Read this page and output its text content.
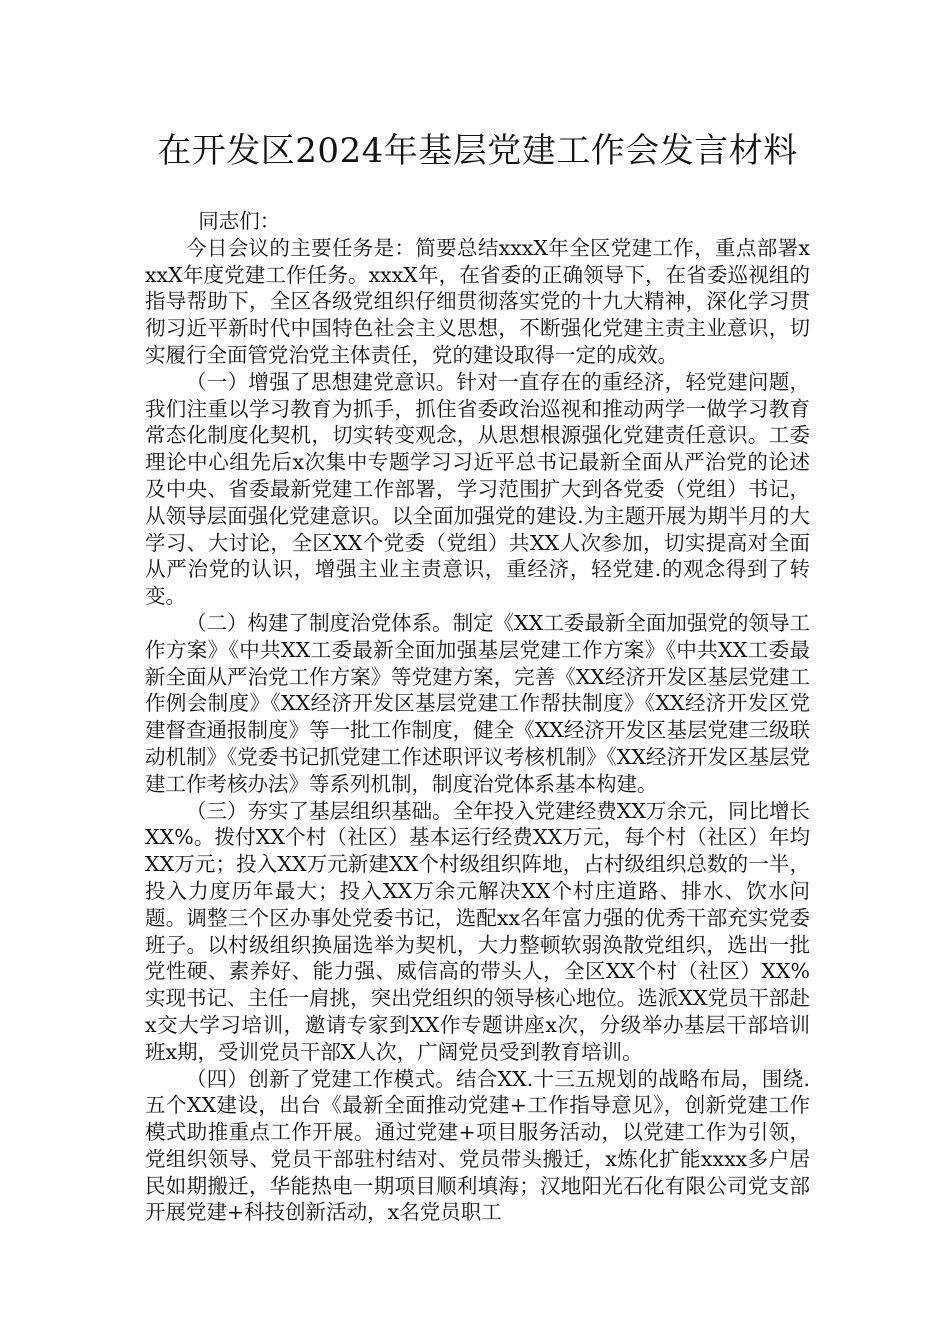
在开发区2024年基层党建工作会发言材料

同志们：

今日会议的主要任务是：简要总结xxxX年全区党建工作，重点部署xxxX年度党建工作任务。xxxX年，在省委的正确领导下，在省委巡视组的指导帮助下，全区各级党组织仔细贯彻落实党的十九大精神，深化学习贯彻习近平新时代中国特色社会主义思想，不断强化党建主责主业意识，切实履行全面管党治党主体责任，党的建设取得一定的成效。

（一）增强了思想建党意识。针对一直存在的重经济，轻党建问题，我们注重以学习教育为抓手，抓住省委政治巡视和推动两学一做学习教育常态化制度化契机，切实转变观念，从思想根源强化党建责任意识。工委理论中心组先后x次集中专题学习习近平总书记最新全面从严治党的论述及中央、省委最新党建工作部署，学习范围扩大到各党委（党组）书记，从领导层面强化党建意识。以全面加强党的建设.为主题开展为期半月的大学习、大讨论，全区XX个党委（党组）共XX人次参加，切实提高对全面从严治党的认识，增强主业主责意识，重经济，轻党建.的观念得到了转变。

（二）构建了制度治党体系。制定《XX工委最新全面加强党的领导工作方案》《中共XX工委最新全面加强基层党建工作方案》《中共XX工委最新全面从严治党工作方案》等党建方案，完善《XX经济开发区基层党建工作例会制度》《XX经济开发区基层党建工作帮扶制度》《XX经济开发区党建督查通报制度》等一批工作制度，健全《XX经济开发区基层党建三级联动机制》《党委书记抓党建工作述职评议考核机制》《XX经济开发区基层党建工作考核办法》等系列机制，制度治党体系基本构建。

（三）夯实了基层组织基础。全年投入党建经费XX万余元，同比增长XX%。拨付XX个村（社区）基本运行经费XX万元，每个村（社区）年均XX万元；投入XX万元新建XX个村级组织阵地，占村级组织总数的一半，投入力度历年最大；投入XX万余元解决XX个村庄道路、排水、饮水问题。调整三个区办事处党委书记，选配xx名年富力强的优秀干部充实党委班子。以村级组织换届选举为契机，大力整顿软弱涣散党组织，选出一批党性硬、素养好、能力强、威信高的带头人，全区XX个村（社区）XX%实现书记、主任一肩挑，突出党组织的领导核心地位。选派XX党员干部赴x交大学习培训，邀请专家到XX作专题讲座x次，分级举办基层干部培训班x期，受训党员干部X人次，广阔党员受到教育培训。

（四）创新了党建工作模式。结合XX.十三五规划的战略布局，围绕.五个XX建设，出台《最新全面推动党建+工作指导意见》，创新党建工作模式助推重点工作开展。通过党建+项目服务活动，以党建工作为引领，党组织领导、党员干部驻村结对、党员带头搬迁，x炼化扩能xxxx多户居民如期搬迁，华能热电一期项目顺利填海；汉地阳光石化有限公司党支部开展党建+科技创新活动，x名党员职工
